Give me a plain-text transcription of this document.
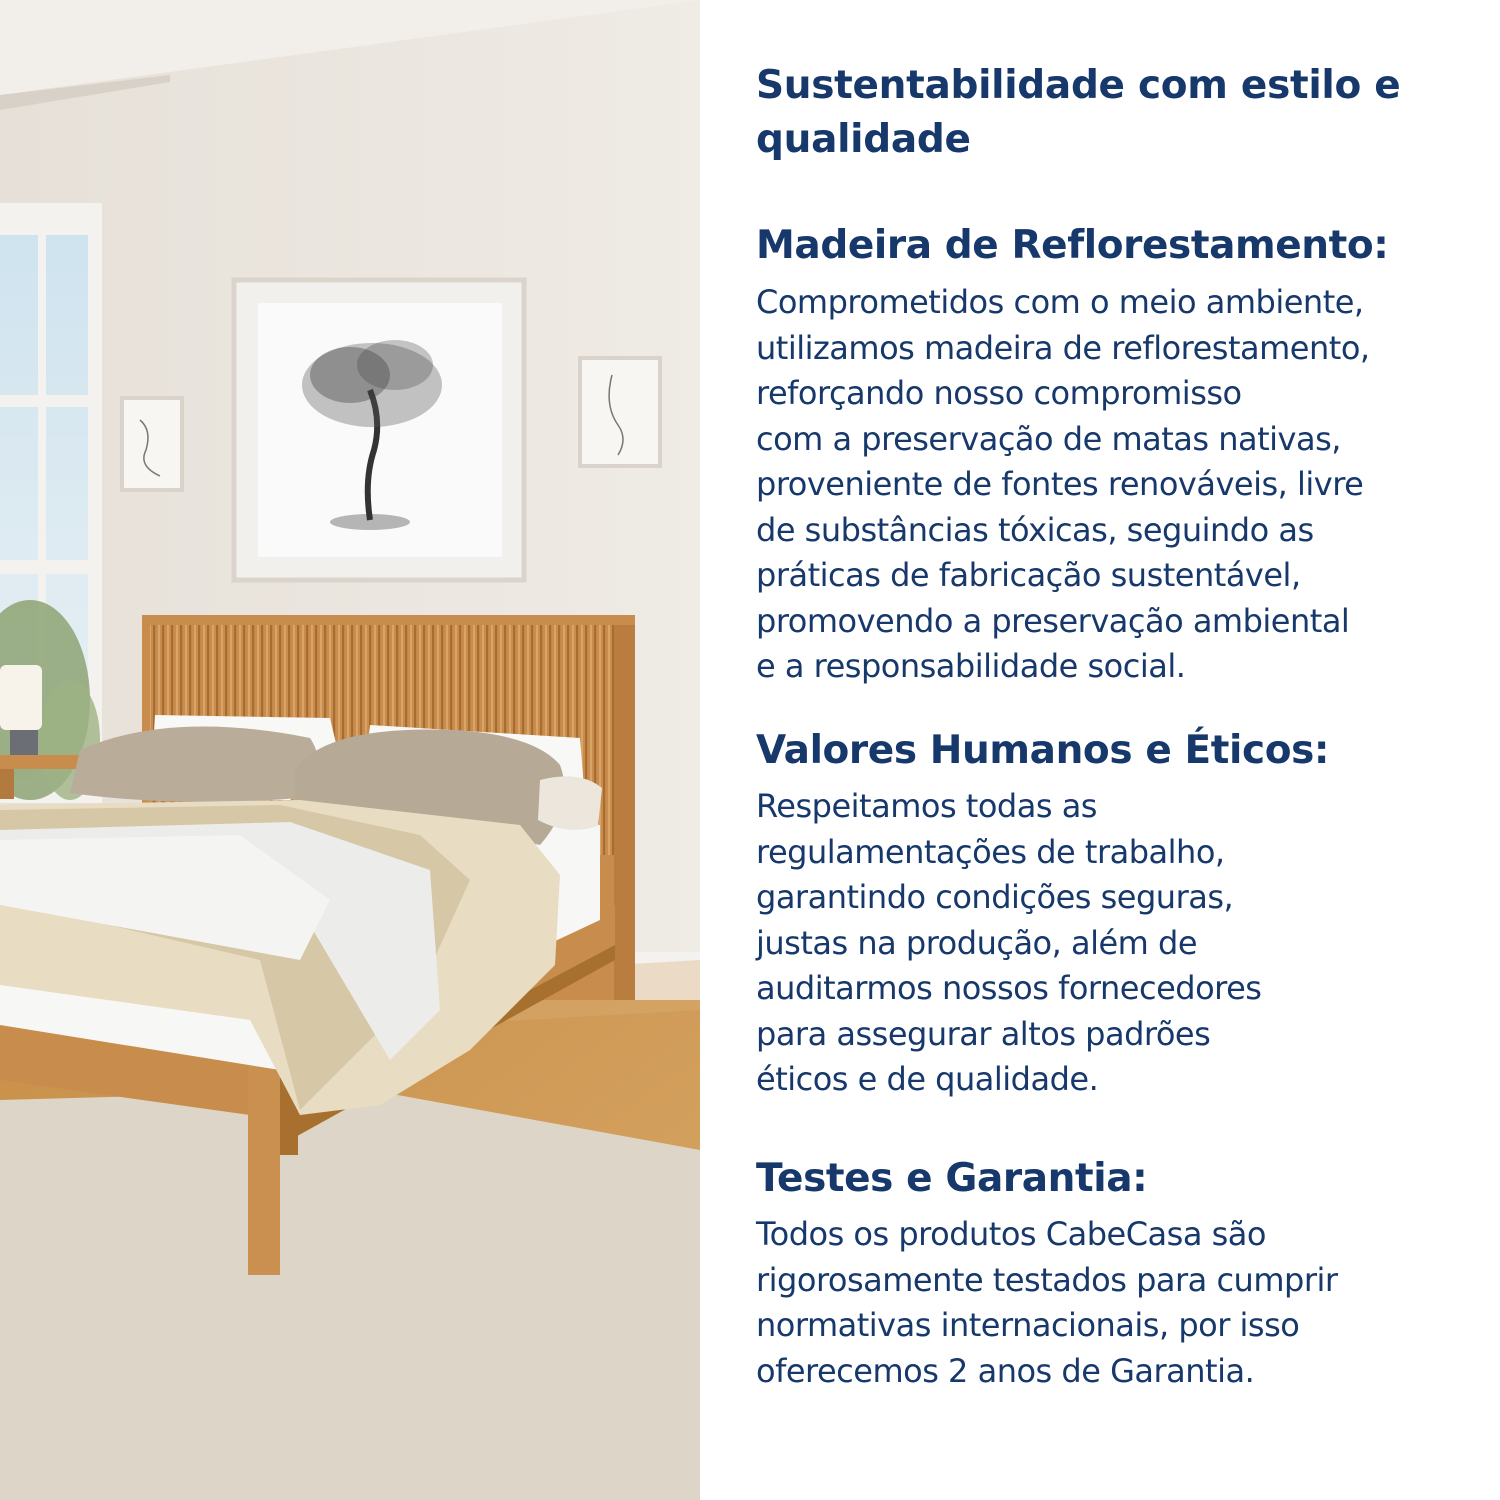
Sustentabilidade com estilo e qualidade

Madeira de Reflorestamento:

Comprometidos com o meio ambiente,
utilizamos madeira de reflorestamento,
reforçando nosso compromisso
com a preservação de matas nativas,
proveniente de fontes renováveis, livre
de substâncias tóxicas, seguindo as
práticas de fabricação sustentável,
promovendo a preservação ambiental
e a responsabilidade social.

Valores Humanos e Éticos:

Respeitamos todas as
regulamentações de trabalho,
garantindo condições seguras,
justas na produção, além de
auditarmos nossos fornecedores
para assegurar altos padrões
éticos e de qualidade.

Testes e Garantia:

Todos os produtos CabeCasa são
rigorosamente testados para cumprir
normativas internacionais, por isso
oferecemos 2 anos de Garantia.
